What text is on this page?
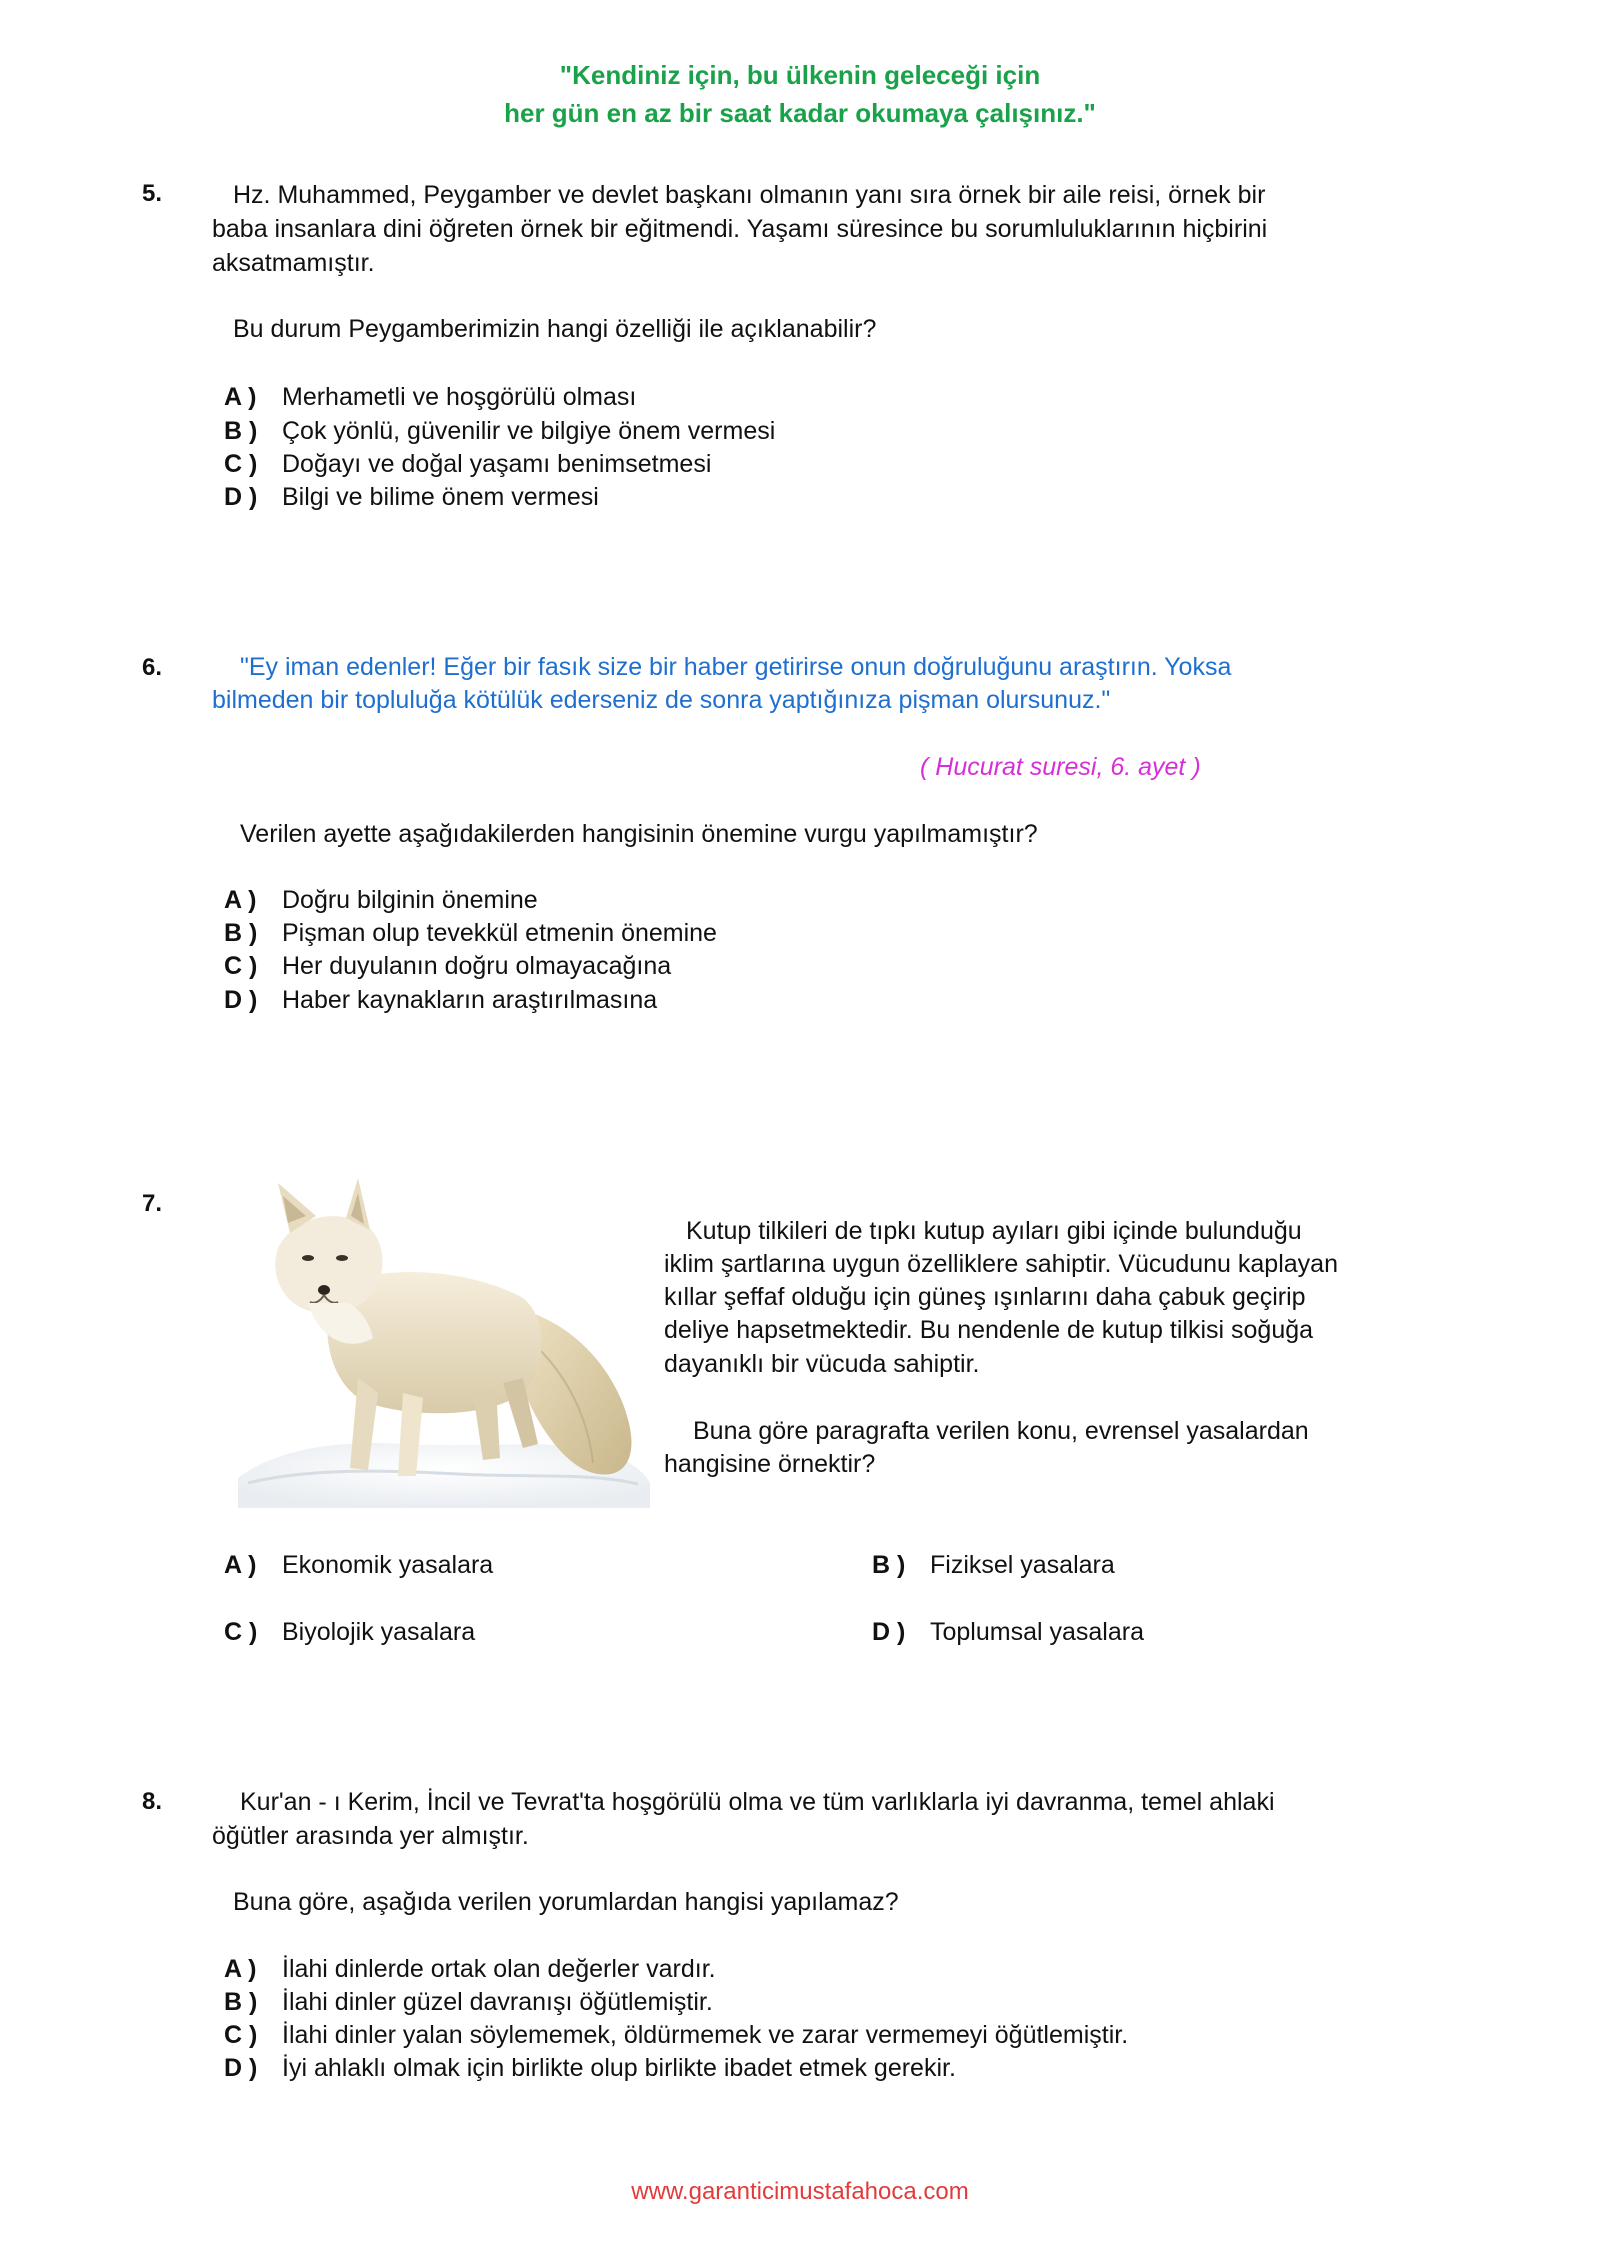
"Kendiniz için, bu ülkenin geleceği için
her gün en az bir saat kadar okumaya çalışınız."
5.	Hz. Muhammed, Peygamber ve devlet başkanı olmanın yanı sıra örnek bir aile reisi, örnek bir
baba insanlara dini öğreten örnek bir eğitmendi. Yaşamı süresince bu sorumluluklarının hiçbirini
aksatmamıştır.
Bu durum Peygamberimizin hangi özelliği ile açıklanabilir?
A ) Merhametli ve hoşgörülü olması
B ) Çok yönlü, güvenilir ve bilgiye önem vermesi
C ) Doğayı ve doğal yaşamı benimsetmesi
D ) Bilgi ve bilime önem vermesi
6.	"Ey iman edenler! Eğer bir fasık size bir haber getirirse onun doğruluğunu araştırın. Yoksa
bilmeden bir topluluğa kötülük ederseniz de sonra yaptığınıza pişman olursunuz."
( Hucurat suresi, 6. ayet )
Verilen ayette aşağıdakilerden hangisinin önemine vurgu yapılmamıştır?
A ) Doğru bilginin önemine
B ) Pişman olup tevekkül etmenin önemine
C ) Her duyulanın doğru olmayacağına
D ) Haber kaynakların araştırılmasına
7.
Kutup tilkileri de tıpkı kutup ayıları gibi içinde bulunduğu
iklim şartlarına uygun özelliklere sahiptir. Vücudunu kaplayan
kıllar şeffaf olduğu için güneş ışınlarını daha çabuk geçirip
deliye hapsetmektedir. Bu nendenle de kutup tilkisi soğuğa
dayanıklı bir vücuda sahiptir.
Buna göre paragrafta verilen konu, evrensel yasalardan
hangisine örnektir?
A ) Ekonomik yasalara	B ) Fiziksel yasalara
C ) Biyolojik yasalara	D ) Toplumsal yasalara
8.	Kur'an - ı Kerim, İncil ve Tevrat'ta hoşgörülü olma ve tüm varlıklarla iyi davranma, temel ahlaki
öğütler arasında yer almıştır.
Buna göre, aşağıda verilen yorumlardan hangisi yapılamaz?
A ) İlahi dinlerde ortak olan değerler vardır.
B ) İlahi dinler güzel davranışı öğütlemiştir.
C ) İlahi dinler yalan söylememek, öldürmemek ve zarar vermemeyi öğütlemiştir.
D ) İyi ahlaklı olmak için birlikte olup birlikte ibadet etmek gerekir.
www.garanticimustafahoca.com
